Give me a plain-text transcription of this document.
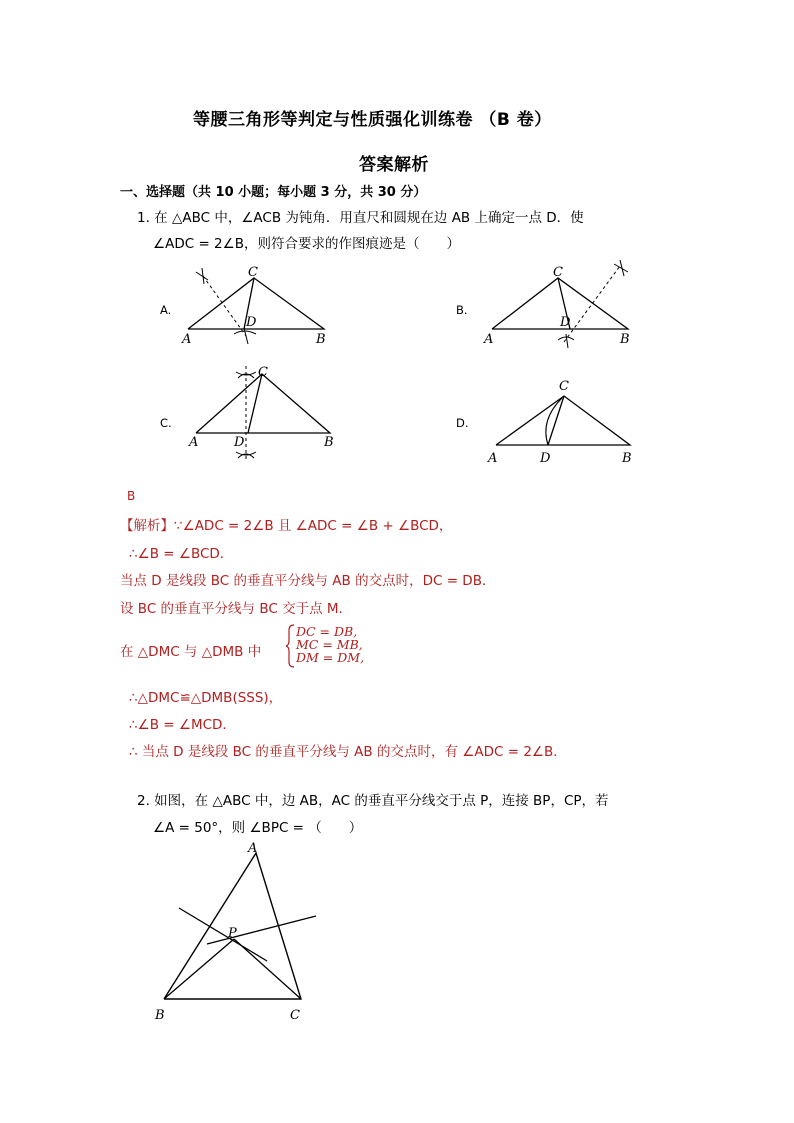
等腰三角形等判定与性质强化训练卷 （B 卷）
答案解析
一、选择题（共 10 小题；每小题 3 分，共 30 分）
1. 在 △ABC 中，∠ACB 为钝角．用直尺和圆规在边 AB 上确定一点 D．使
∠ADC = 2∠B，则符合要求的作图痕迹是（　　）
A.	B.
C.	D.
C
A	B
D
C
A	B
D
C
A	B
D
C
A	B
D
B
【解析】∵∠ADC = 2∠B 且 ∠ADC = ∠B + ∠BCD，
∴∠B = ∠BCD．
当点 D 是线段 BC 的垂直平分线与 AB 的交点时，DC = DB．
设 BC 的垂直平分线与 BC 交于点 M．
在 △DMC 与 △DMB 中
DC = DB,
MC = MB,
DM = DM,
∴△DMC≌△DMB(SSS)，
∴∠B = ∠MCD．
∴ 当点 D 是线段 BC 的垂直平分线与 AB 的交点时，有 ∠ADC = 2∠B．
2. 如图，在 △ABC 中，边 AB，AC 的垂直平分线交于点 P，连接 BP，CP，若
∠A = 50°，则 ∠BPC = （　　）
A
B	C
P
